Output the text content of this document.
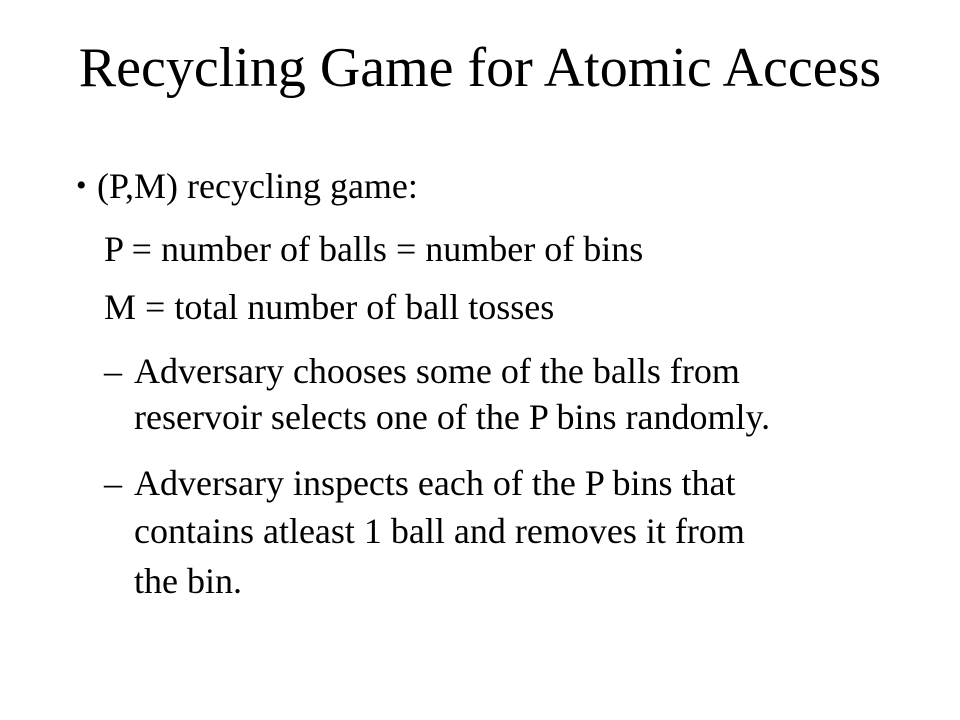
Recycling Game for Atomic Access
• (P,M) recycling game:
P = number of balls = number of bins
M = total number of ball tosses
– Adversary chooses some of the balls from
reservoir selects one of the P bins randomly.
– Adversary inspects each of the P bins that
contains atleast 1 ball and removes it from
the bin.
